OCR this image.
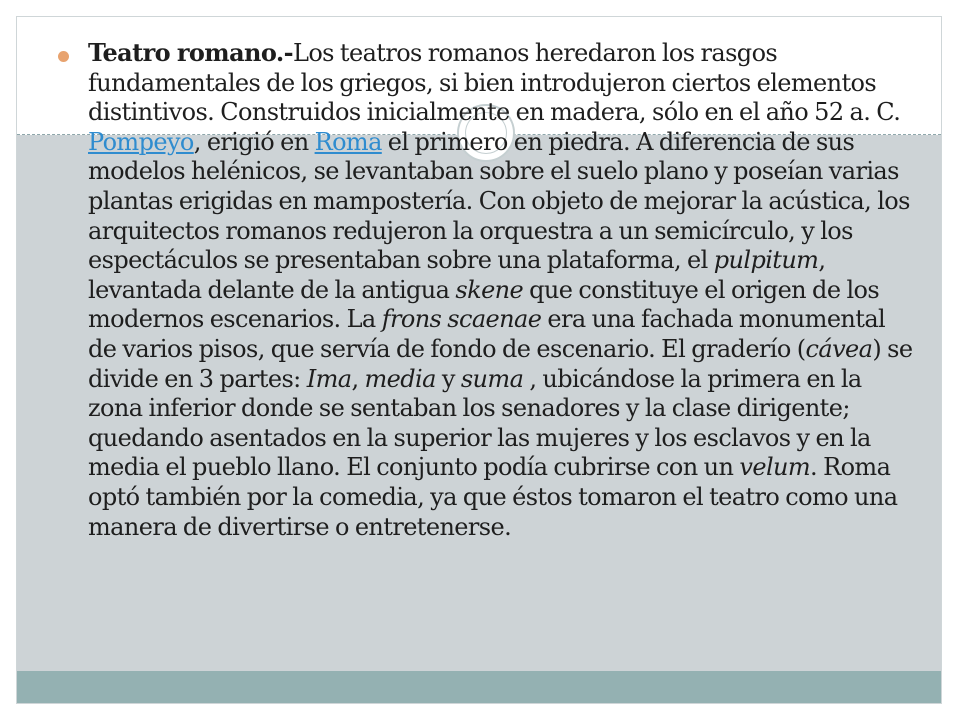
Teatro romano.-Los teatros romanos heredaron los rasgos fundamentales de los griegos, si bien introdujeron ciertos elementos distintivos. Construidos inicialmente en madera, sólo en el año 52 a. C. Pompeyo, erigió en Roma el primero en piedra. A diferencia de sus modelos helénicos, se levantaban sobre el suelo plano y poseían varias plantas erigidas en mampostería. Con objeto de mejorar la acústica, los arquitectos romanos redujeron la orquestra a un semicírculo, y los espectáculos se presentaban sobre una plataforma, el pulpitum, levantada delante de la antigua skene que constituye el origen de los modernos escenarios. La frons scaenae era una fachada monumental de varios pisos, que servía de fondo de escenario. El graderío (cávea) se divide en 3 partes: Ima, media y suma , ubicándose la primera en la zona inferior donde se sentaban los senadores y la clase dirigente; quedando asentados en la superior las mujeres y los esclavos y en la media el pueblo llano. El conjunto podía cubrirse con un velum. Roma optó también por la comedia, ya que éstos tomaron el teatro como una manera de divertirse o entretenerse.
